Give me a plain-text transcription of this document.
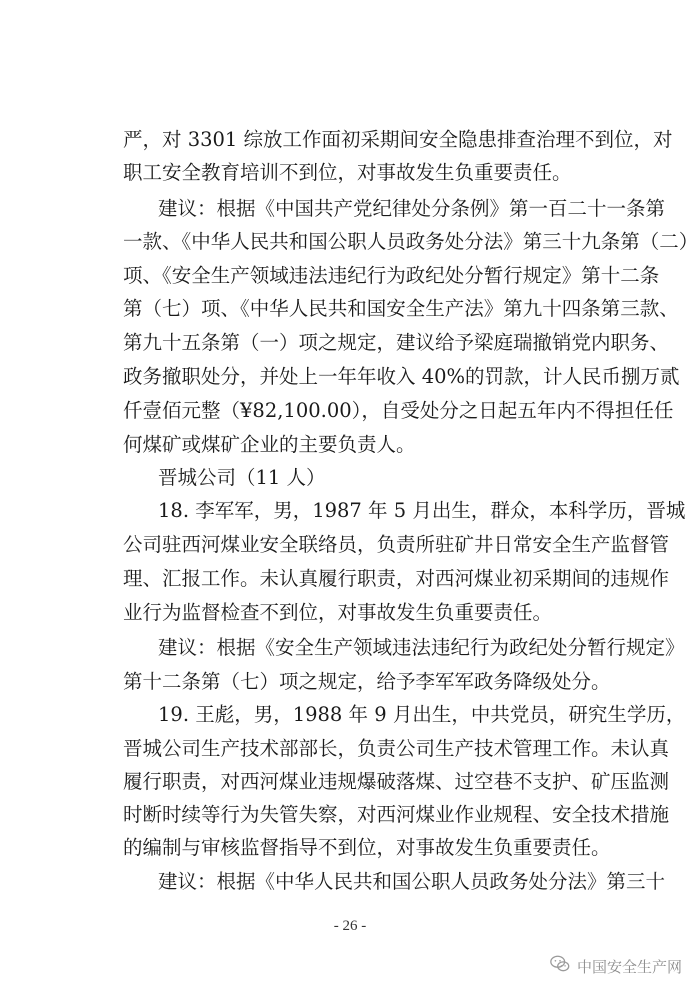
严，对 3301 综放工作面初采期间安全隐患排查治理不到位，对
职工安全教育培训不到位，对事故发生负重要责任。
建议：根据《中国共产党纪律处分条例》第一百二十一条第
一款、《中华人民共和国公职人员政务处分法》第三十九条第（二）
项、《安全生产领域违法违纪行为政纪处分暂行规定》第十二条
第（七）项、《中华人民共和国安全生产法》第九十四条第三款、
第九十五条第（一）项之规定，建议给予梁庭瑞撤销党内职务、
政务撤职处分，并处上一年年收入 40%的罚款，计人民币捌万贰
仟壹佰元整（¥82,100.00），自受处分之日起五年内不得担任任
何煤矿或煤矿企业的主要负责人。
晋城公司（11 人）
18. 李军军，男，1987 年 5 月出生，群众，本科学历，晋城
公司驻西河煤业安全联络员，负责所驻矿井日常安全生产监督管
理、汇报工作。未认真履行职责，对西河煤业初采期间的违规作
业行为监督检查不到位，对事故发生负重要责任。
建议：根据《安全生产领域违法违纪行为政纪处分暂行规定》
第十二条第（七）项之规定，给予李军军政务降级处分。
19. 王彪，男，1988 年 9 月出生，中共党员，研究生学历，
晋城公司生产技术部部长，负责公司生产技术管理工作。未认真
履行职责，对西河煤业违规爆破落煤、过空巷不支护、矿压监测
时断时续等行为失管失察，对西河煤业作业规程、安全技术措施
的编制与审核监督指导不到位，对事故发生负重要责任。
建议：根据《中华人民共和国公职人员政务处分法》第三十
中国安全生产网
- 26 -
